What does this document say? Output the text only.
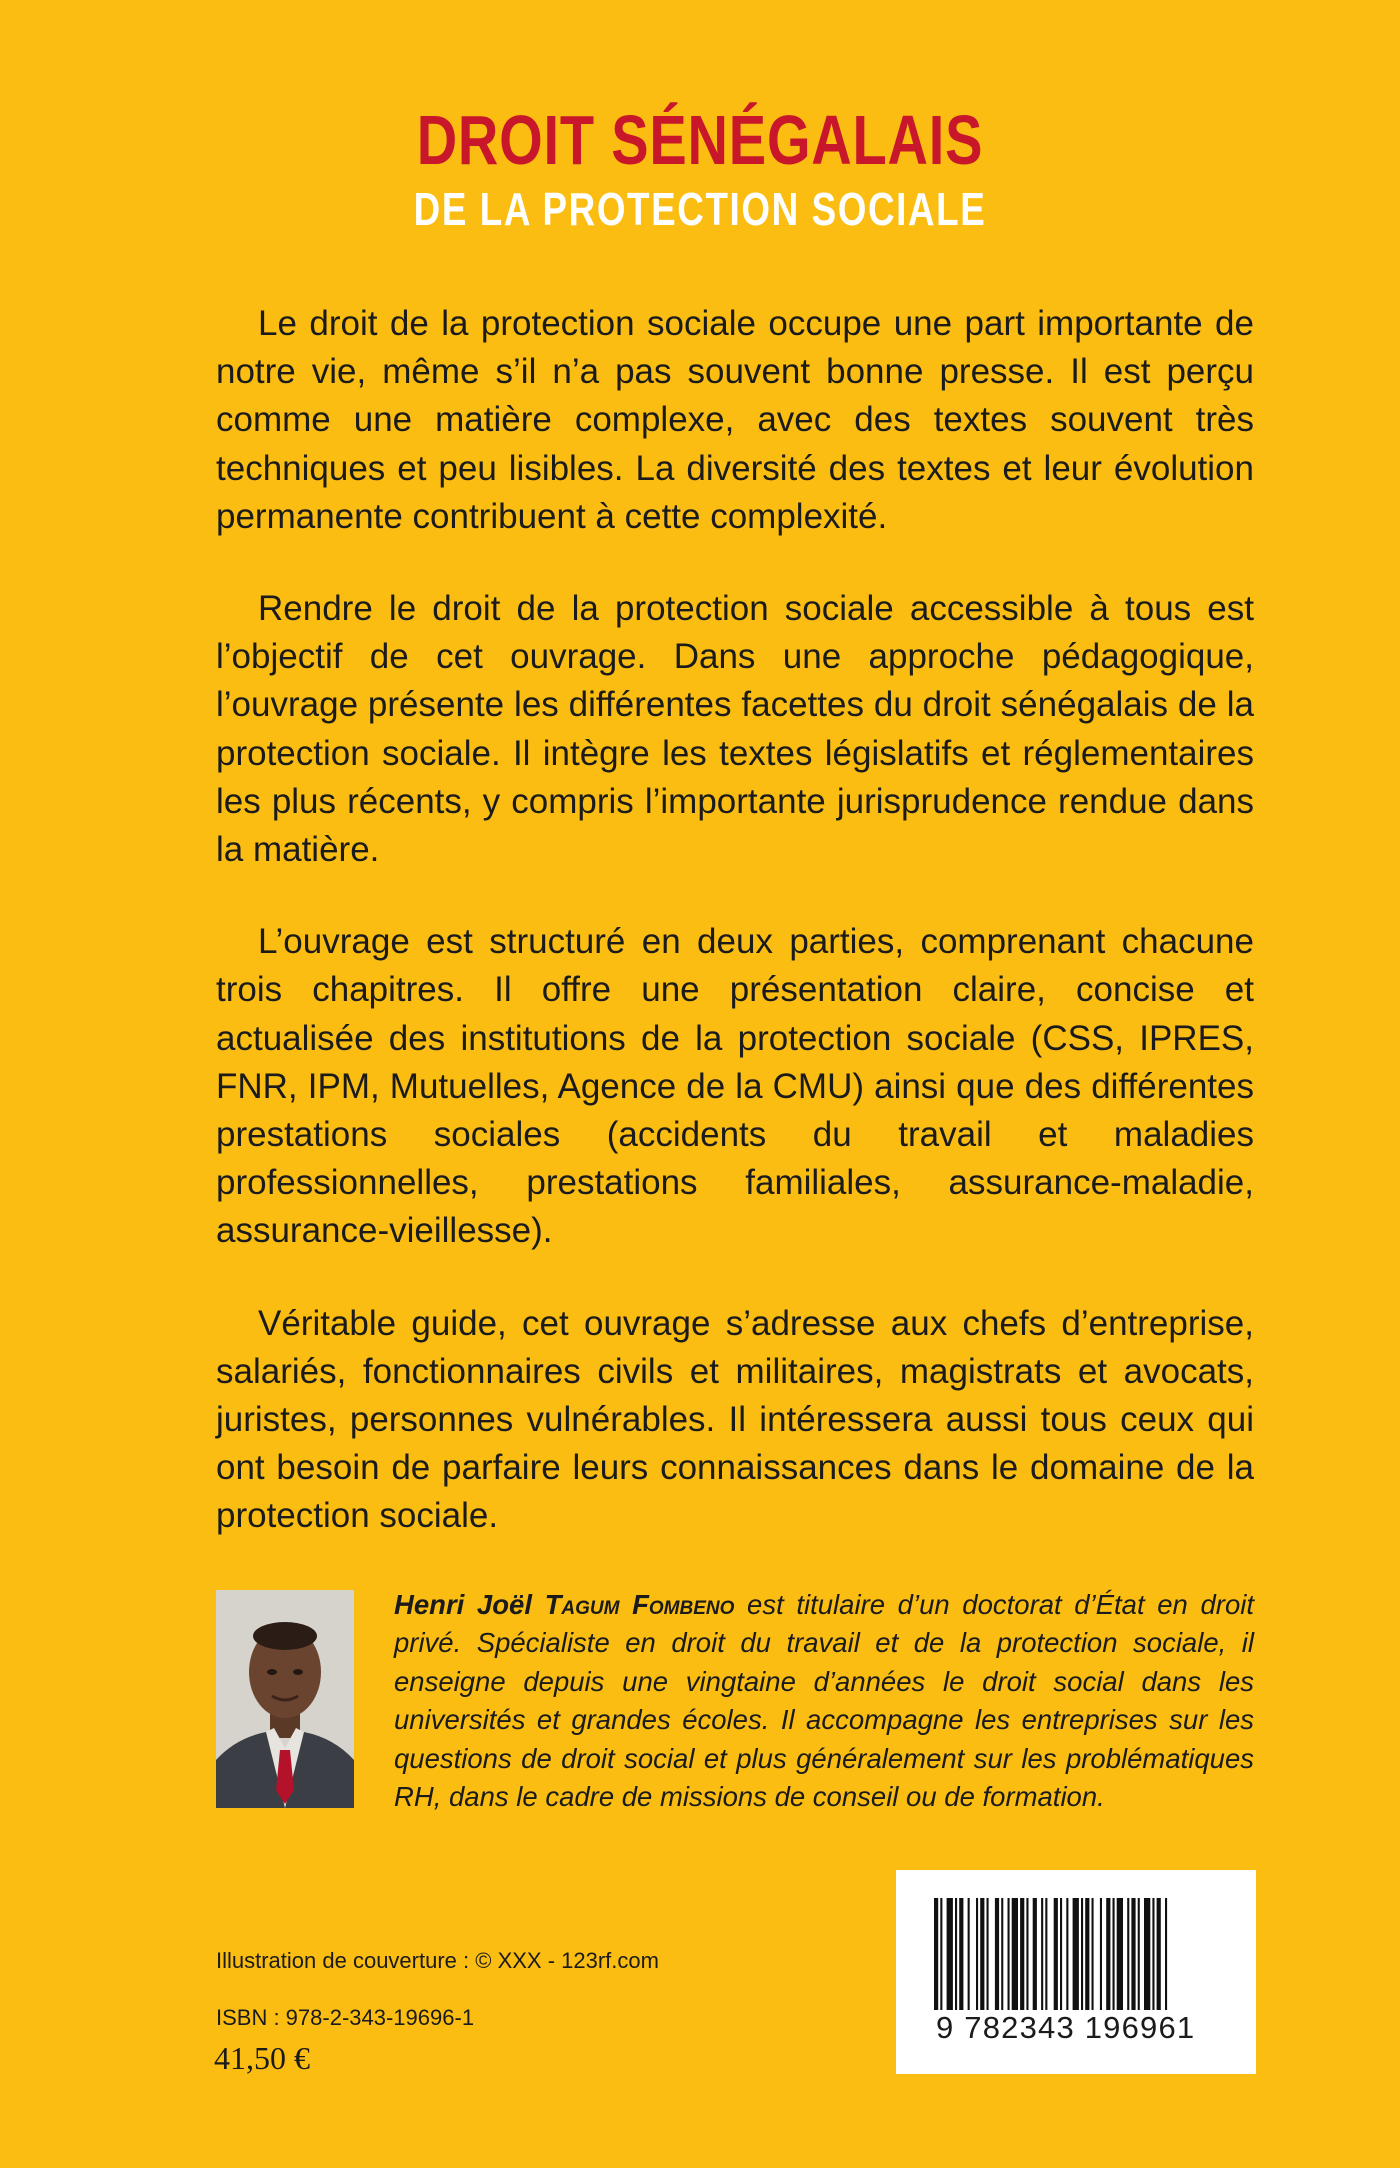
DROIT SÉNÉGALAIS
DE LA PROTECTION SOCIALE

Le droit de la protection sociale occupe une part importante de notre vie, même s’il n’a pas souvent bonne presse. Il est perçu comme une matière complexe, avec des textes souvent très techniques et peu lisibles. La diversité des textes et leur évolution permanente contribuent à cette complexité.

Rendre le droit de la protection sociale accessible à tous est l’objectif de cet ouvrage. Dans une approche pédagogique, l’ouvrage présente les différentes facettes du droit sénégalais de la protection sociale. Il intègre les textes législatifs et réglementaires les plus récents, y compris l’importante jurisprudence rendue dans la matière.

L’ouvrage est structuré en deux parties, comprenant chacune trois chapitres. Il offre une présentation claire, concise et actualisée des institutions de la protection sociale (CSS, IPRES, FNR, IPM, Mutuelles, Agence de la CMU) ainsi que des différentes prestations sociales (accidents du travail et maladies professionnelles, prestations familiales, assurance-maladie, assurance-vieillesse).

Véritable guide, cet ouvrage s’adresse aux chefs d’entreprise, salariés, fonctionnaires civils et militaires, magistrats et avocats, juristes, personnes vulnérables. Il intéressera aussi tous ceux qui ont besoin de parfaire leurs connaissances dans le domaine de la protection sociale.

Henri Joël Tagum Fombeno est titulaire d’un doctorat d’État en droit privé. Spécialiste en droit du travail et de la protection sociale, il enseigne depuis une vingtaine d’années le droit social dans les universités et grandes écoles. Il accompagne les entreprises sur les questions de droit social et plus généralement sur les problématiques RH, dans le cadre de missions de conseil ou de formation.

Illustration de couverture : © XXX - 123rf.com
ISBN : 978-2-343-19696-1
41,50 €
9 782343 196961
